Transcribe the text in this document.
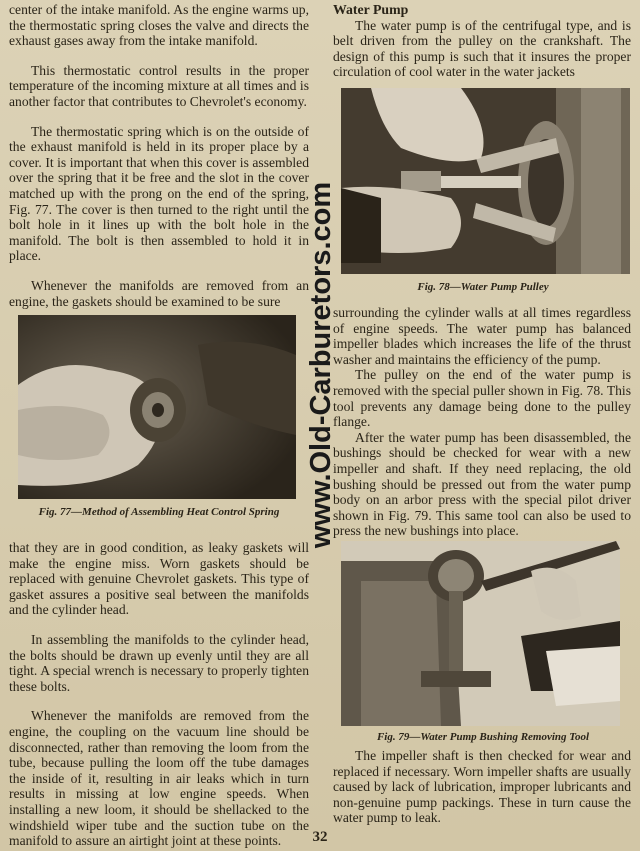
center of the intake manifold. As the engine warms up, the thermostatic spring closes the valve and directs the exhaust gases away from the intake manifold.

This thermostatic control results in the proper temperature of the incoming mixture at all times and is another factor that contributes to Chevrolet's economy.

The thermostatic spring which is on the outside of the exhaust manifold is held in its proper place by a cover. It is important that when this cover is assembled over the spring that it be free and the slot in the cover matched up with the prong on the end of the spring, Fig. 77. The cover is then turned to the right until the bolt hole in it lines up with the bolt hole in the manifold. The bolt is then assembled to hold it in place.

Whenever the manifolds are removed from an engine, the gaskets should be examined to be sure

Fig. 77—Method of Assembling Heat Control Spring

that they are in good condition, as leaky gaskets will make the engine miss. Worn gaskets should be replaced with genuine Chevrolet gaskets. This type of gasket assures a positive seal between the manifolds and the cylinder head.

In assembling the manifolds to the cylinder head, the bolts should be drawn up evenly until they are all tight. A special wrench is necessary to properly tighten these bolts.

Whenever the manifolds are removed from the engine, the coupling on the vacuum line should be disconnected, rather than removing the loom from the tube, because pulling the loom off the tube damages the inside of it, resulting in air leaks which in turn results in missing at low engine speeds. When installing a new loom, it should be shellacked to the windshield wiper tube and the suction tube on the manifold to assure an airtight joint at these points.

www.Old-Carburetors.com

Water Pump

The water pump is of the centrifugal type, and is belt driven from the pulley on the crankshaft. The design of this pump is such that it insures the proper circulation of cool water in the water jackets

Fig. 78—Water Pump Pulley

surrounding the cylinder walls at all times regardless of engine speeds. The water pump has balanced impeller blades which increases the life of the thrust washer and maintains the efficiency of the pump.

The pulley on the end of the water pump is removed with the special puller shown in Fig. 78. This tool prevents any damage being done to the pulley flange.

After the water pump has been disassembled, the bushings should be checked for wear with a new impeller and shaft. If they need replacing, the old bushing should be pressed out from the water pump body on an arbor press with the special pilot driver shown in Fig. 79. This same tool can also be used to press the new bushings into place.

Fig. 79—Water Pump Bushing Removing Tool

The impeller shaft is then checked for wear and replaced if necessary. Worn impeller shafts are usually caused by lack of lubrication, improper lubricants and non-genuine pump packings. These in turn cause the water pump to leak.

32
